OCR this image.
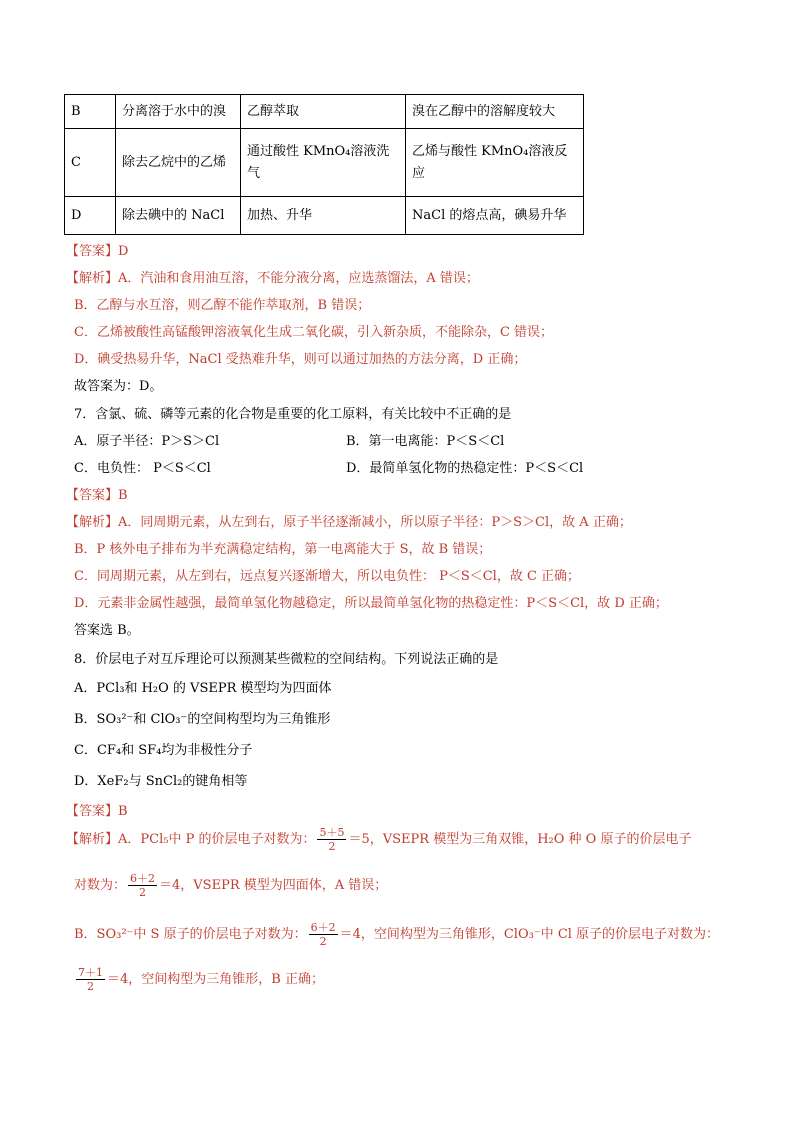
B	分离溶于水中的溴	乙醇萃取	溴在乙醇中的溶解度较大
C	除去乙烷中的乙烯	通过酸性 KMnO₄溶液洗气	乙烯与酸性 KMnO₄溶液反应
D	除去碘中的 NaCl	加热、升华	NaCl 的熔点高，碘易升华
【答案】D
【解析】A．汽油和食用油互溶，不能分液分离，应选蒸馏法，A 错误；
B．乙醇与水互溶，则乙醇不能作萃取剂，B 错误；
C．乙烯被酸性高锰酸钾溶液氧化生成二氧化碳，引入新杂质，不能除杂，C 错误；
D．碘受热易升华，NaCl 受热难升华，则可以通过加热的方法分离，D 正确；
故答案为：D。
7．含氯、硫、磷等元素的化合物是重要的化工原料，有关比较中不正确的是
A．原子半径：P＞S＞Cl	B．第一电离能：P＜S＜Cl
C．电负性： P＜S＜Cl	D．最简单氢化物的热稳定性：P＜S＜Cl
【答案】B
【解析】A．同周期元素，从左到右，原子半径逐渐减小，所以原子半径：P＞S＞Cl，故 A 正确；
B．P 核外电子排布为半充满稳定结构，第一电离能大于 S，故 B 错误；
C．同周期元素，从左到右，远点复兴逐渐增大，所以电负性： P＜S＜Cl，故 C 正确；
D．元素非金属性越强，最简单氢化物越稳定，所以最简单氢化物的热稳定性：P＜S＜Cl，故 D 正确；
答案选 B。
8．价层电子对互斥理论可以预测某些微粒的空间结构。下列说法正确的是
A．PCl₃和 H₂O 的 VSEPR 模型均为四面体
B．SO₃²⁻和 ClO₃⁻的空间构型均为三角锥形
C．CF₄和 SF₄均为非极性分子
D．XeF₂与 SnCl₂的键角相等
【答案】B
【解析】A．PCl₅中 P 的价层电子对数为： $\frac{5+5}{2} =5$，VSEPR 模型为三角双锥，H₂O 种 O 原子的价层电子
对数为： $\frac{6+2}{2} =4$，VSEPR 模型为四面体，A 错误；
B．SO₃²⁻中 S 原子的价层电子对数为： $\frac{6+2}{2} =4$，空间构型为三角锥形，ClO₃⁻中 Cl 原子的价层电子对数为：
$\frac{7+1}{2} =4$，空间构型为三角锥形，B 正确；
